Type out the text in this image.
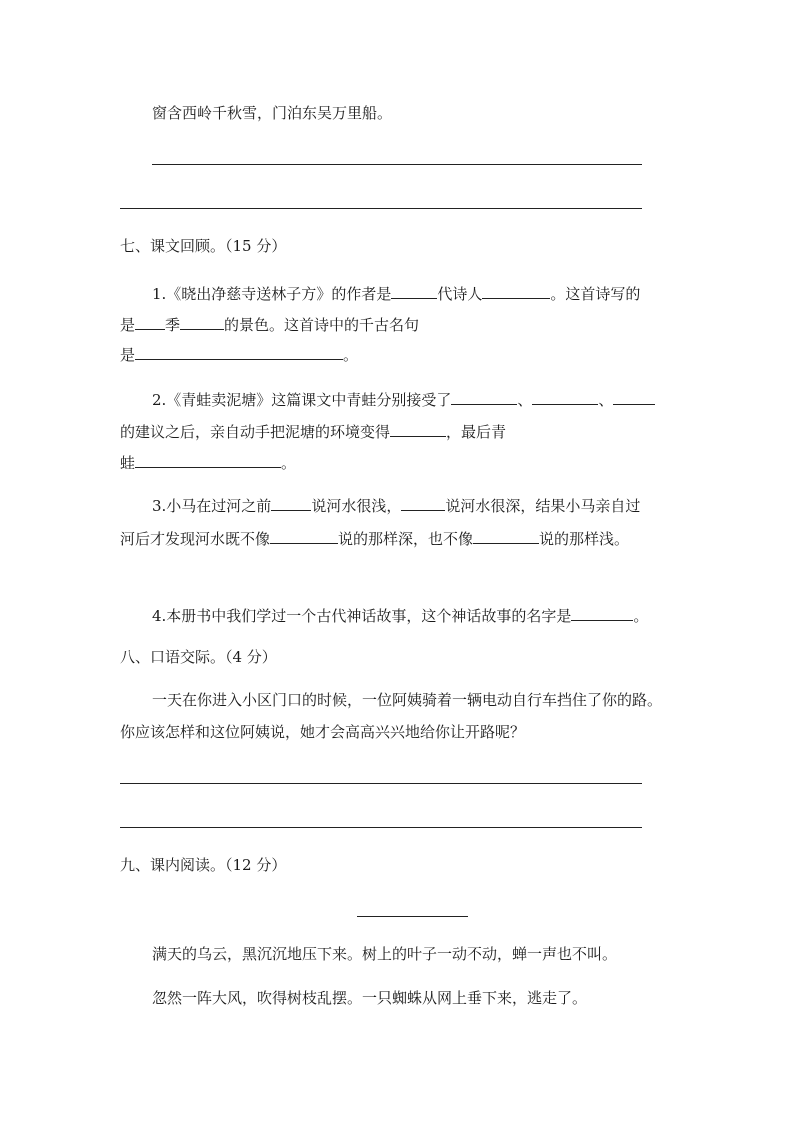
窗含西岭千秋雪，门泊东吴万里船。
七、课文回顾。（15 分）
1.《晓出净慈寺送林子方》的作者是	代诗人	。这首诗写的
是 季	的景色。这首诗中的千古名句
是	。
2.《青蛙卖泥塘》这篇课文中青蛙分别接受了	、	、
的建议之后，亲自动手把泥塘的环境变得	，最后青
蛙	。
3.小马在过河之前	说河水很浅，	说河水很深，结果小马亲自过
河后才发现河水既不像	说的那样深，也不像	说的那样浅。
4.本册书中我们学过一个古代神话故事，这个神话故事的名字是	。
八、口语交际。（4 分）
一天在你进入小区门口的时候，一位阿姨骑着一辆电动自行车挡住了你的路。
你应该怎样和这位阿姨说，她才会高高兴兴地给你让开路呢？
九、课内阅读。（12 分）
满天的乌云，黑沉沉地压下来。树上的叶子一动不动，蝉一声也不叫。
忽然一阵大风，吹得树枝乱摆。一只蜘蛛从网上垂下来，逃走了。
